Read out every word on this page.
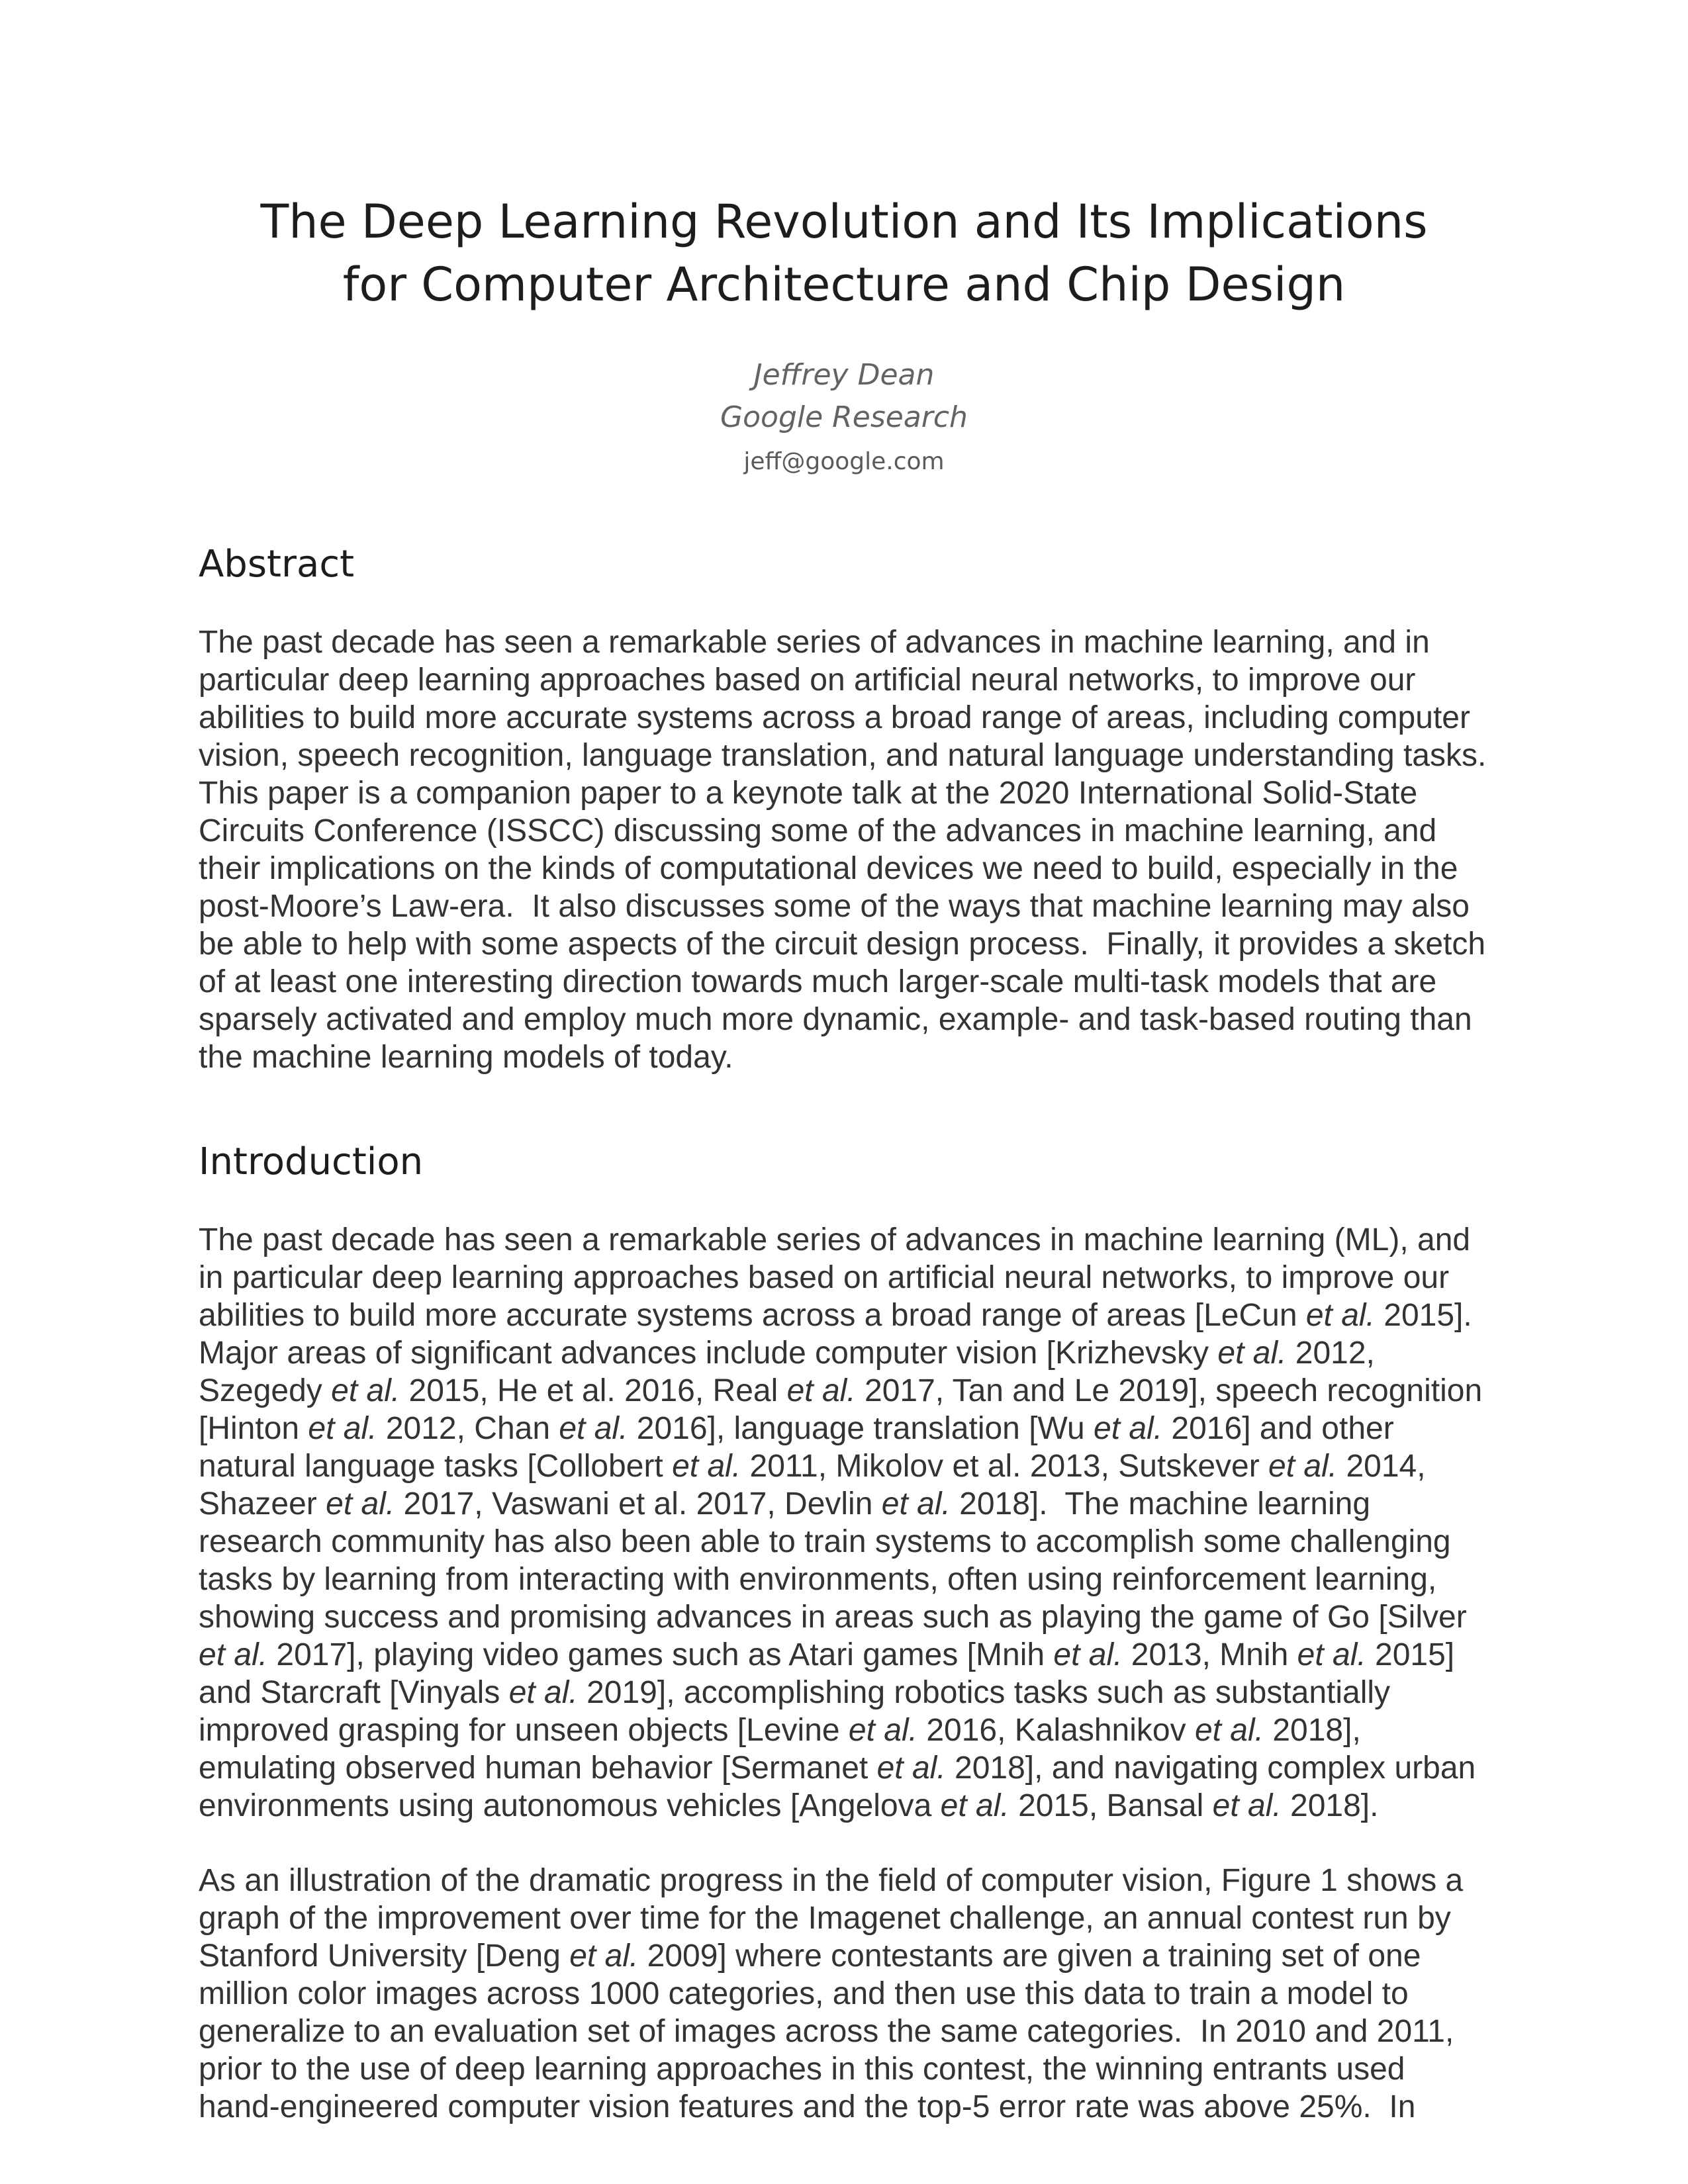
The Deep Learning Revolution and Its Implications
for Computer Architecture and Chip Design
Jeffrey Dean
Google Research
jeff@google.com
Abstract

The past decade has seen a remarkable series of advances in machine learning, and in particular deep learning approaches based on artificial neural networks, to improve our abilities to build more accurate systems across a broad range of areas, including computer vision, speech recognition, language translation, and natural language understanding tasks.  This paper is a companion paper to a keynote talk at the 2020 International Solid-State Circuits Conference (ISSCC) discussing some of the advances in machine learning, and their implications on the kinds of computational devices we need to build, especially in the post-Moore’s Law-era.  It also discusses some of the ways that machine learning may also be able to help with some aspects of the circuit design process.  Finally, it provides a sketch of at least one interesting direction towards much larger-scale multi-task models that are sparsely activated and employ much more dynamic, example- and task-based routing than the machine learning models of today.

Introduction

The past decade has seen a remarkable series of advances in machine learning (ML), and in particular deep learning approaches based on artificial neural networks, to improve our abilities to build more accurate systems across a broad range of areas [LeCun et al. 2015].  Major areas of significant advances include computer vision [Krizhevsky et al. 2012, Szegedy et al. 2015, He et al. 2016, Real et al. 2017, Tan and Le 2019], speech recognition [Hinton et al. 2012, Chan et al. 2016], language translation [Wu et al. 2016] and other natural language tasks [Collobert et al. 2011, Mikolov et al. 2013, Sutskever et al. 2014, Shazeer et al. 2017, Vaswani et al. 2017, Devlin et al. 2018].  The machine learning research community has also been able to train systems to accomplish some challenging tasks by learning from interacting with environments, often using reinforcement learning, showing success and promising advances in areas such as playing the game of Go [Silver et al. 2017], playing video games such as Atari games [Mnih et al. 2013, Mnih et al. 2015] and Starcraft [Vinyals et al. 2019], accomplishing robotics tasks such as substantially improved grasping for unseen objects [Levine et al. 2016, Kalashnikov et al. 2018], emulating observed human behavior [Sermanet et al. 2018], and navigating complex urban environments using autonomous vehicles [Angelova et al. 2015, Bansal et al. 2018].

As an illustration of the dramatic progress in the field of computer vision, Figure 1 shows a graph of the improvement over time for the Imagenet challenge, an annual contest run by Stanford University [Deng et al. 2009] where contestants are given a training set of one million color images across 1000 categories, and then use this data to train a model to generalize to an evaluation set of images across the same categories.  In 2010 and 2011, prior to the use of deep learning approaches in this contest, the winning entrants used hand-engineered computer vision features and the top-5 error rate was above 25%.  In
